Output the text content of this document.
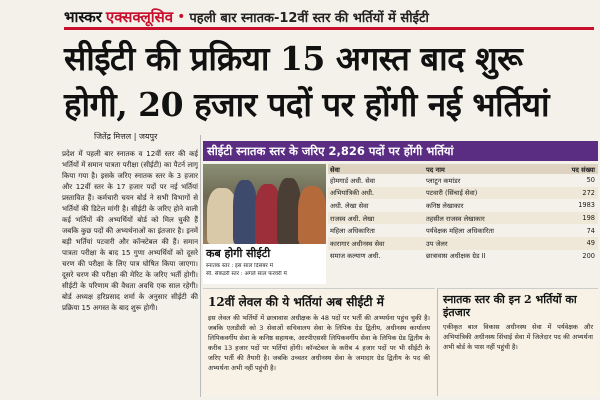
भास्कर एक्सक्लूसिव • पहली बार स्नातक-12वीं स्तर की भर्तियों में सीईटी
सीईटी की प्रक्रिया 15 अगस्त बाद शुरू
होगी, 20 हजार पदों पर होंगी नई भर्तियां
जितेंद्र मित्तल | जयपुर
प्रदेश में पहली बार स्नातक व 12वीं स्तर की कई भर्तियों में समान पात्रता परीक्षा (सीईटी) का पैटर्न लागू किया गया है। इसके जरिए स्नातक स्तर के 3 हजार और 12वीं स्तर के 17 हजार पदों पर नई भर्तियां प्रस्तावित हैं। कर्मचारी चयन बोर्ड ने सभी विभागों से भर्तियों की डिटेल मांगी है। सीईटी के जरिए होने वाली कई भर्तियों की अभ्यर्थियों बोर्ड को मिल चुकी हैं जबकि कुछ पदों की अभ्यर्थनाओं का इंतजार है। इनमें बड़ी भर्तियां पटवारी और कॉन्स्टेबल की हैं। समान पात्रता परीक्षा के बाद 15 गुणा अभ्यर्थियों को दूसरे चरण की परीक्षा के लिए पात्र घोषित किया जाएगा। दूसरे चरण की परीक्षा की मेरिट के जरिए भर्ती होगी। सीईटी के परिणाम की वैधता अवधि एक साल रहेगी। बोर्ड अध्यक्ष हरिप्रसाद शर्मा के अनुसार सीईटी की प्रक्रिया 15 अगस्त के बाद शुरू होगी।
सीईटी स्नातक स्तर के जरिए 2,826 पदों पर होंगी भर्तियां
कब होगी सीईटी
स्नातक स्तर : इस साल दिसंबर में
सी. सेकंडरी स्तर : अगले साल फरवरी में
सेवा	पद नाम	पद संख्या
होमगार्ड अधी. सेवा	प्लाटून कमांडर	50
अभियांत्रिकी अधी.	पटवारी (सिंचाई सेवा)	272
अधी. लेखा सेवा	कनिष्ठ लेखाकार	1983
राजस्व अधी. लेखा	तहसील राजस्व लेखाकार	198
महिला अधिकारिता	पर्यवेक्षक महिला अधिकारिता	74
कारागार अधीनस्थ सेवा	उप जेलर	49
समाज कल्याण अधी.	छात्रावास अधीक्षक ग्रेड II	200
12वीं लेवल की ये भर्तियां अब सीईटी में
इस लेवल की भर्तियों में छात्रावास अधीक्षक के 48 पदों पर भर्ती की अभ्यर्थना पहुंच चुकी है। जबकि एलडीसी को 3 सेवाओं सचिवालय सेवा के लिपिक ग्रेड द्वितीय, अधीनस्थ कार्यालय लिपिकवर्गीय सेवा के कनिष्ठ सहायक, आरपीएससी लिपिकवर्गीय सेवा के लिपिक ग्रेड द्वितीय के करीब 13 हजार पदों पर भर्तियां होंगी। कॉन्स्टेबल के करीब 4 हजार पदों पर भी सीईटी के जरिए भर्ती की तैयारी है। जबकि उच्चतर अधीनस्थ सेवा के जमादार ग्रेड द्वितीय के पद की अभ्यर्थना अभी नहीं पहुंची है।
स्नातक स्तर की इन 2 भर्तियों का इंतजार
एकीकृत बाल विकास अधीनस्थ सेवा में पर्यवेक्षक और अभियांत्रिकी अधीनस्थ सिंचाई सेवा में जिलेदार पद की अभ्यर्थना अभी बोर्ड के पास नहीं पहुंची है।
